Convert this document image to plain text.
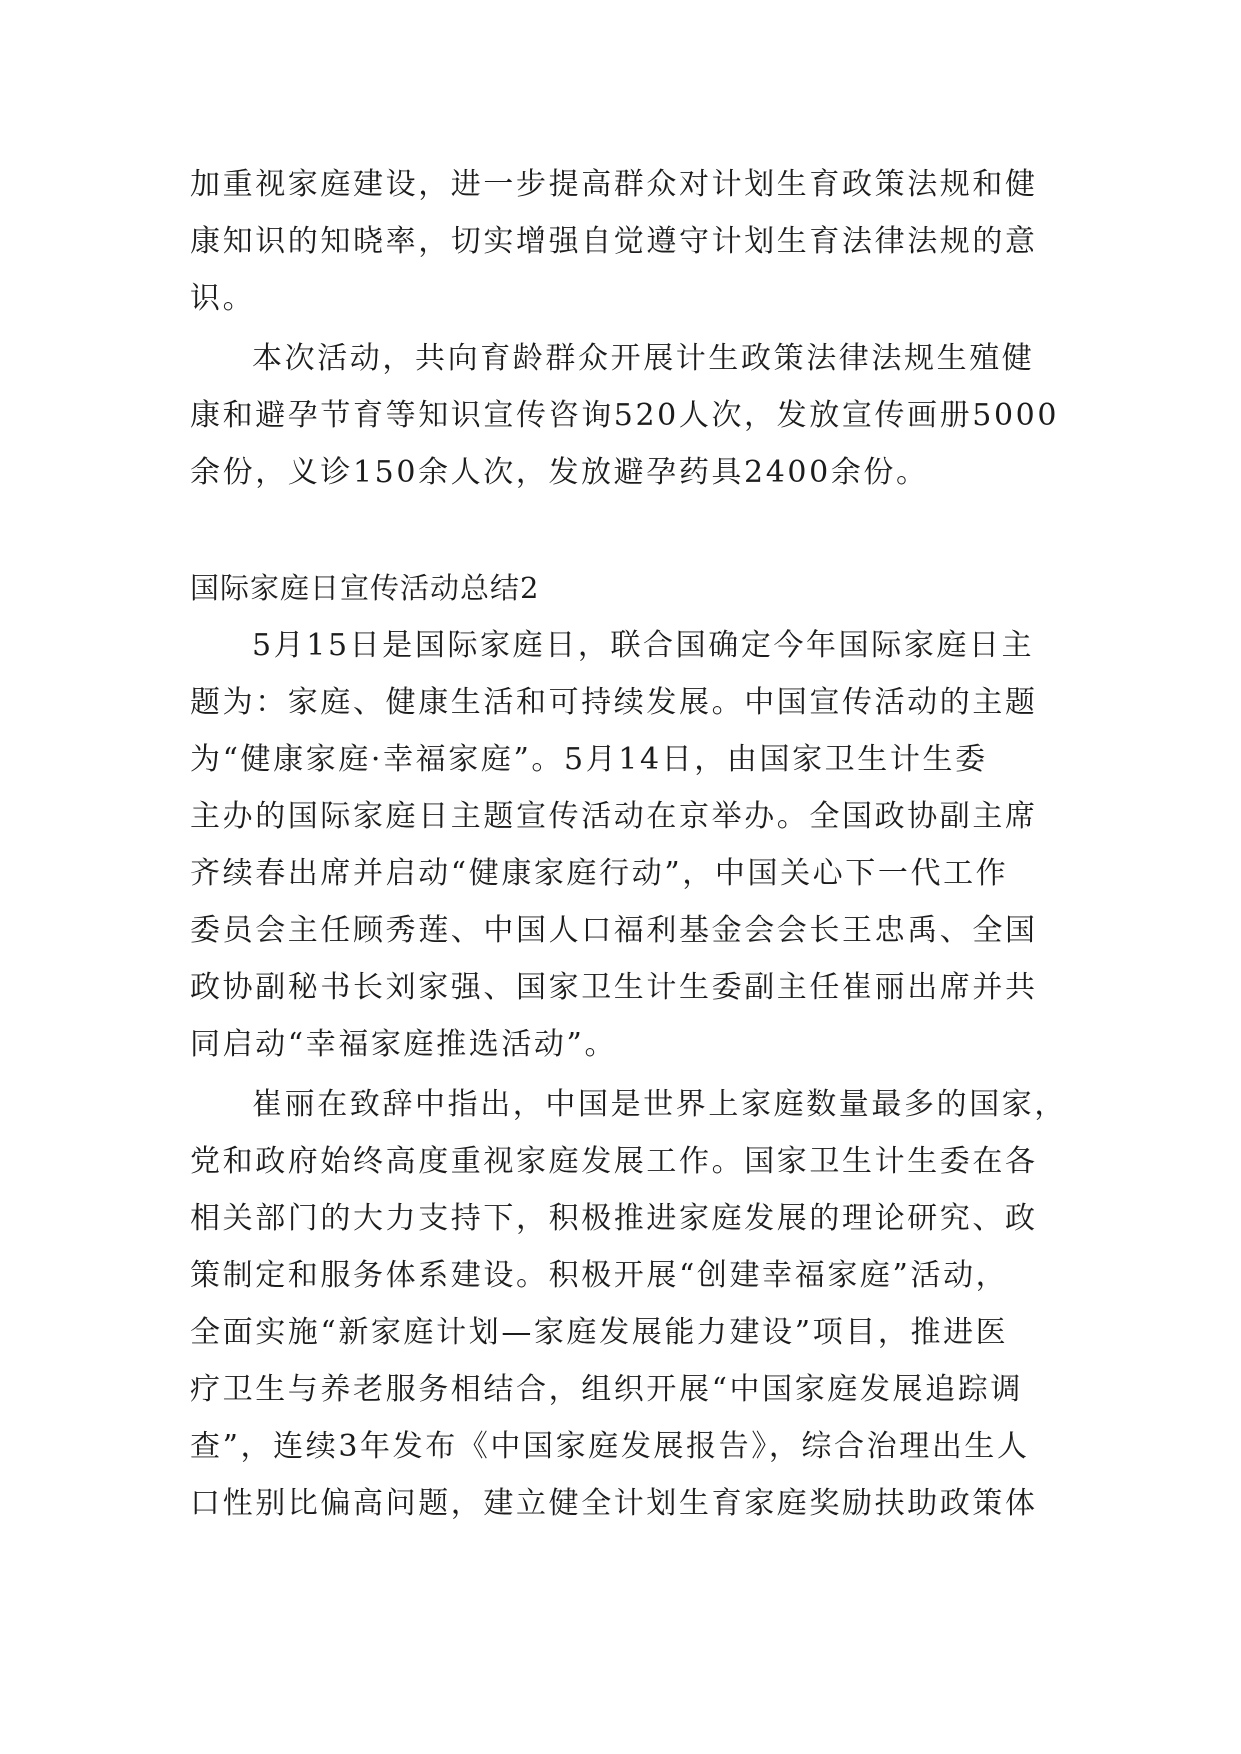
加重视家庭建设，进一步提高群众对计划生育政策法规和健
康知识的知晓率，切实增强自觉遵守计划生育法律法规的意
识。
本次活动，共向育龄群众开展计生政策法律法规生殖健
康和避孕节育等知识宣传咨询520人次，发放宣传画册5000
余份，义诊150余人次，发放避孕药具2400余份。
国际家庭日宣传活动总结2
5月15日是国际家庭日，联合国确定今年国际家庭日主
题为：家庭、健康生活和可持续发展。中国宣传活动的主题
为“健康家庭·幸福家庭”。5月14日，由国家卫生计生委
主办的国际家庭日主题宣传活动在京举办。全国政协副主席
齐续春出席并启动“健康家庭行动”，中国关心下一代工作
委员会主任顾秀莲、中国人口福利基金会会长王忠禹、全国
政协副秘书长刘家强、国家卫生计生委副主任崔丽出席并共
同启动“幸福家庭推选活动”。
崔丽在致辞中指出，中国是世界上家庭数量最多的国家，
党和政府始终高度重视家庭发展工作。国家卫生计生委在各
相关部门的大力支持下，积极推进家庭发展的理论研究、政
策制定和服务体系建设。积极开展“创建幸福家庭”活动，
全面实施“新家庭计划—家庭发展能力建设”项目，推进医
疗卫生与养老服务相结合，组织开展“中国家庭发展追踪调
查”，连续3年发布《中国家庭发展报告》，综合治理出生人
口性别比偏高问题，建立健全计划生育家庭奖励扶助政策体
